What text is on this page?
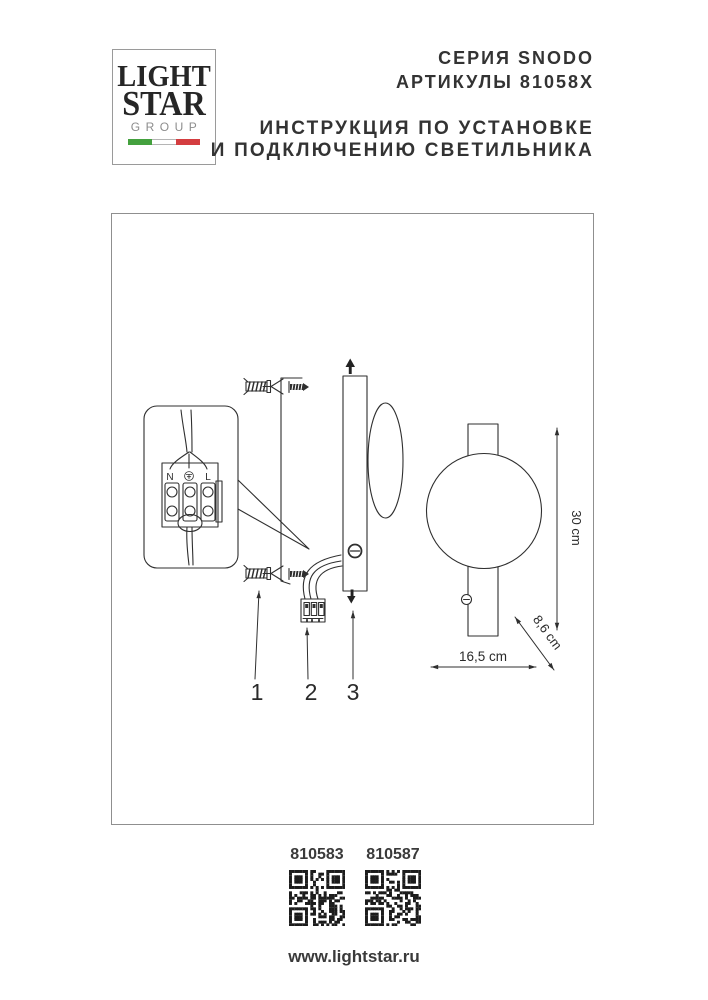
LIGHT
STAR
GROUP
СЕРИЯ SNODO
АРТИКУЛЫ 81058X
ИНСТРУКЦИЯ ПО УСТАНОВКЕ
И ПОДКЛЮЧЕНИЮ СВЕТИЛЬНИКА
N	L
1 2 3
30 cm
16,5 cm
8,6 cm
810583 810587
www.lightstar.ru
